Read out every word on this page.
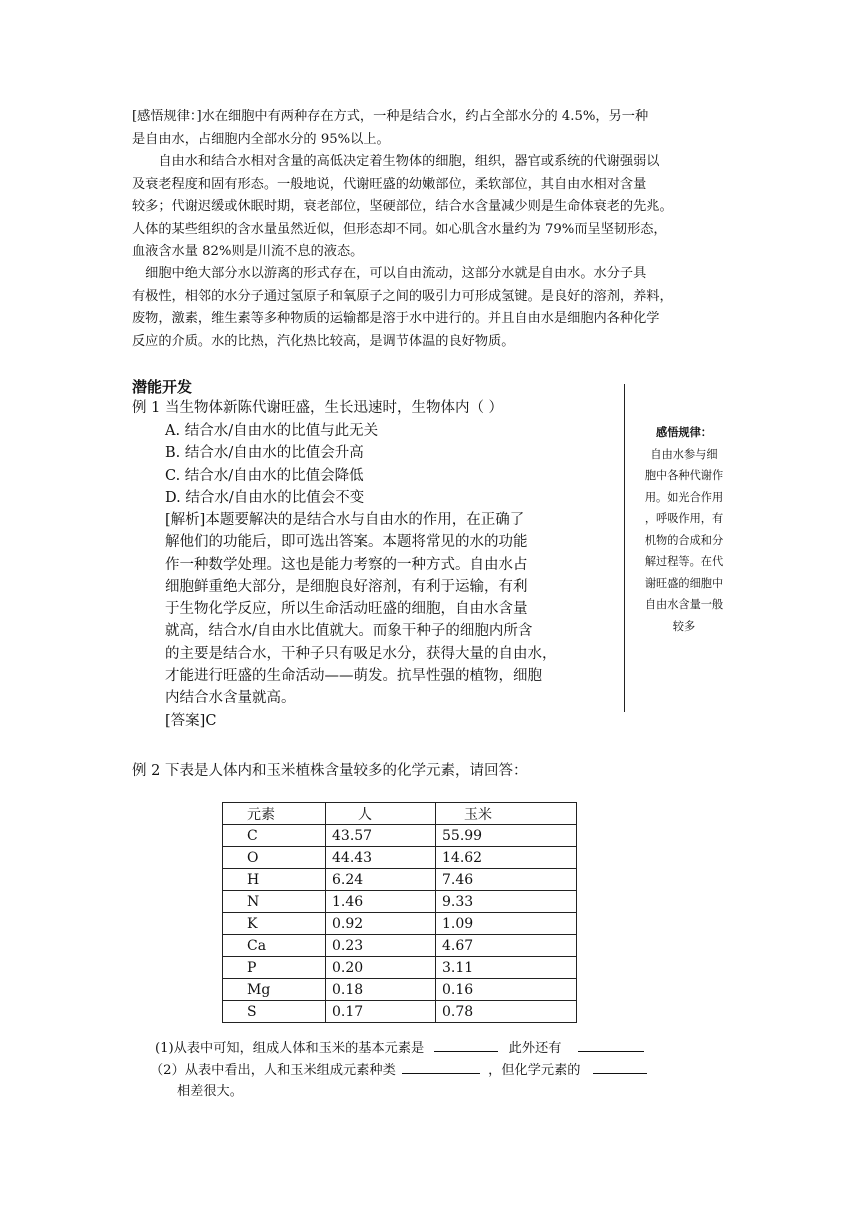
[感悟规律：]水在细胞中有两种存在方式，一种是结合水，约占全部水分的 4.5%，另一种
是自由水，占细胞内全部水分的 95%以上。
　　自由水和结合水相对含量的高低决定着生物体的细胞，组织，器官或系统的代谢强弱以
及衰老程度和固有形态。一般地说，代谢旺盛的幼嫩部位，柔软部位，其自由水相对含量
较多；代谢迟缓或休眠时期，衰老部位，坚硬部位，结合水含量减少则是生命体衰老的先兆。
人体的某些组织的含水量虽然近似，但形态却不同。如心肌含水量约为 79%而呈坚韧形态，
血液含水量 82%则是川流不息的液态。
　细胞中绝大部分水以游离的形式存在，可以自由流动，这部分水就是自由水。水分子具
有极性，相邻的水分子通过氢原子和氧原子之间的吸引力可形成氢键。是良好的溶剂，养料，
废物，激素，维生素等多种物质的运输都是溶于水中进行的。并且自由水是细胞内各种化学
反应的介质。水的比热，汽化热比较高，是调节体温的良好物质。
潜能开发
例 1 当生物体新陈代谢旺盛，生长迅速时，生物体内（ ）
A. 结合水/自由水的比值与此无关
B. 结合水/自由水的比值会升高
C. 结合水/自由水的比值会降低
D. 结合水/自由水的比值会不变
[解析]本题要解决的是结合水与自由水的作用，在正确了
解他们的功能后，即可选出答案。本题将常见的水的功能
作一种数学处理。这也是能力考察的一种方式。自由水占
细胞鲜重绝大部分，是细胞良好溶剂，有利于运输，有利
于生物化学反应，所以生命活动旺盛的细胞，自由水含量
就高，结合水/自由水比值就大。而象干种子的细胞内所含
的主要是结合水，干种子只有吸足水分，获得大量的自由水，
才能进行旺盛的生命活动——萌发。抗旱性强的植物，细胞
内结合水含量就高。
[答案]C
感悟规律：
自由水参与细
胞中各种代谢作
用。如光合作用
，呼吸作用，有
机物的合成和分
解过程等。在代
谢旺盛的细胞中
自由水含量一般
较多
例 2 下表是人体内和玉米植株含量较多的化学元素，请回答：
元素	人	玉米
C	43.57	55.99
O	44.43	14.62
H	6.24	7.46
N	1.46	9.33
K	0.92	1.09
Ca	0.23	4.67
P	0.20	3.11
Mg	0.18	0.16
S	0.17	0.78
(1)从表中可知，组成人体和玉米的基本元素是	此外还有
（2）从表中看出，人和玉米组成元素种类	，但化学元素的
相差很大。
